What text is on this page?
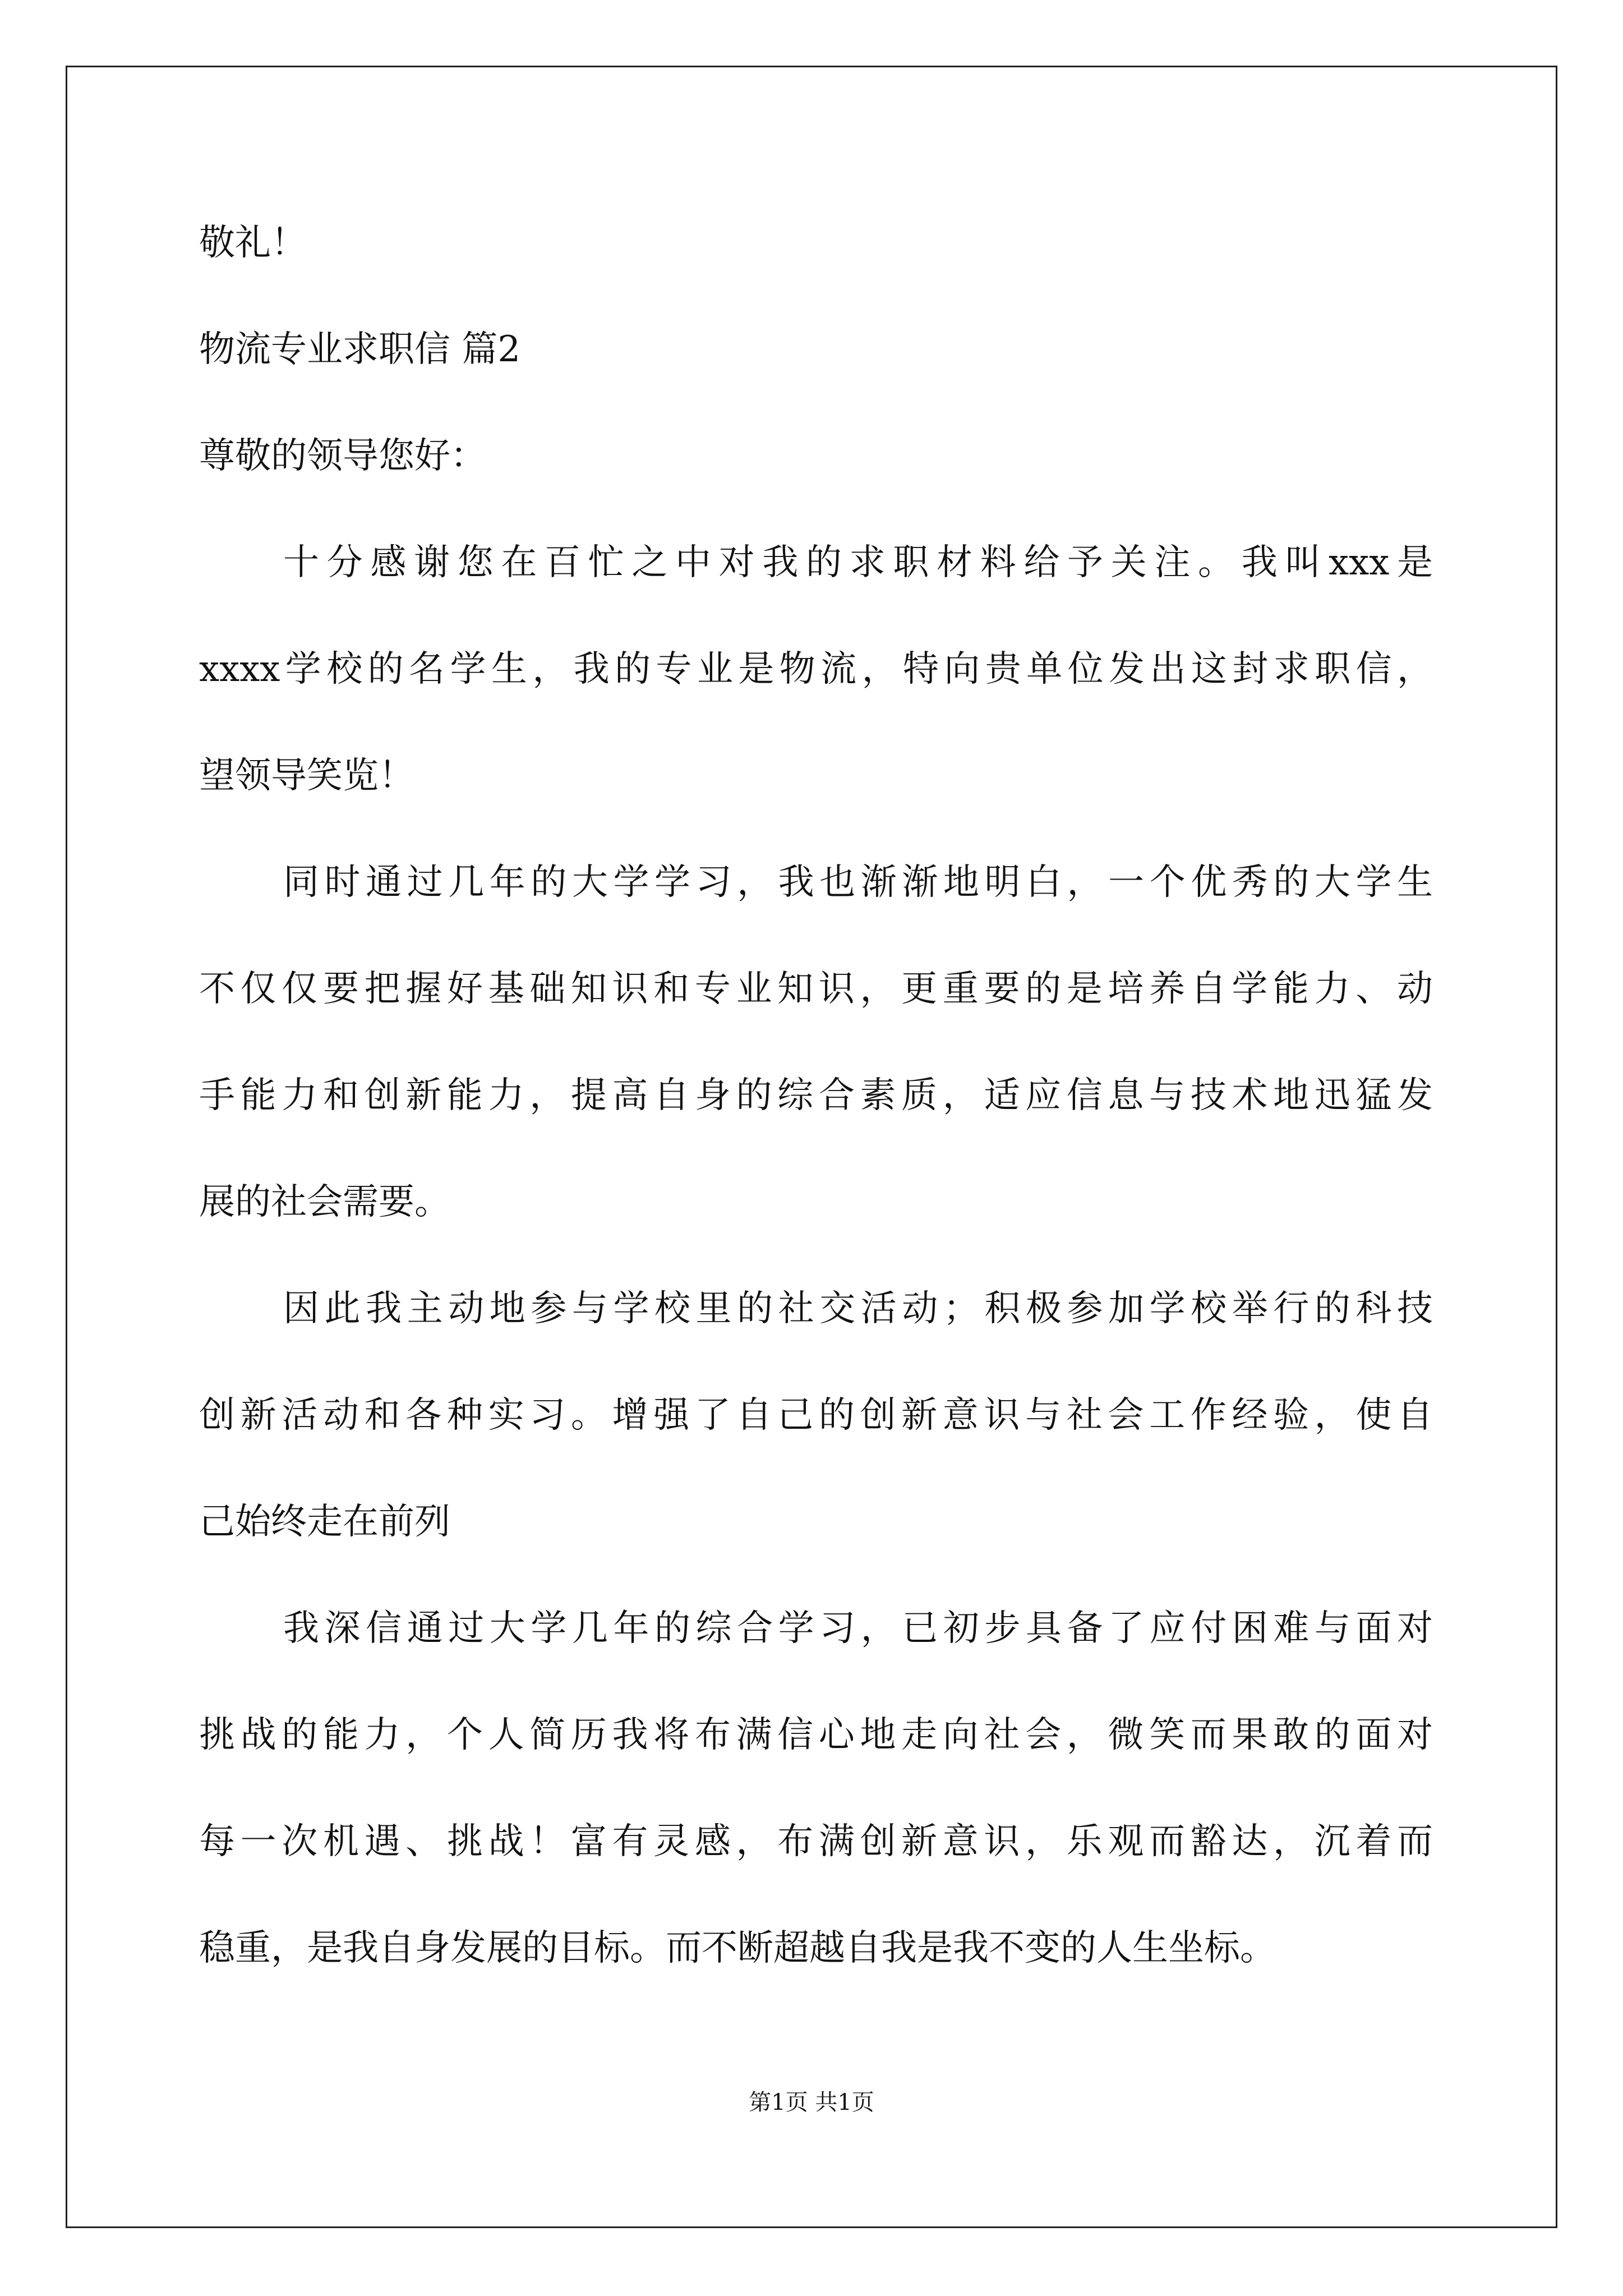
敬礼！
物流专业求职信 篇2
尊敬的领导您好：
十分感谢您在百忙之中对我的求职材料给予关注。我叫xxx是
xxxx学校的名学生，我的专业是物流，特向贵单位发出这封求职信，
望领导笑览！
同时通过几年的大学学习，我也渐渐地明白，一个优秀的大学生
不仅仅要把握好基础知识和专业知识，更重要的是培养自学能力、动
手能力和创新能力，提高自身的综合素质，适应信息与技术地迅猛发
展的社会需要。
因此我主动地参与学校里的社交活动；积极参加学校举行的科技
创新活动和各种实习。增强了自己的创新意识与社会工作经验，使自
己始终走在前列
我深信通过大学几年的综合学习，已初步具备了应付困难与面对
挑战的能力，个人简历我将布满信心地走向社会，微笑而果敢的面对
每一次机遇、挑战！富有灵感，布满创新意识，乐观而豁达，沉着而
稳重，是我自身发展的目标。而不断超越自我是我不变的人生坐标。
第1页 共1页
